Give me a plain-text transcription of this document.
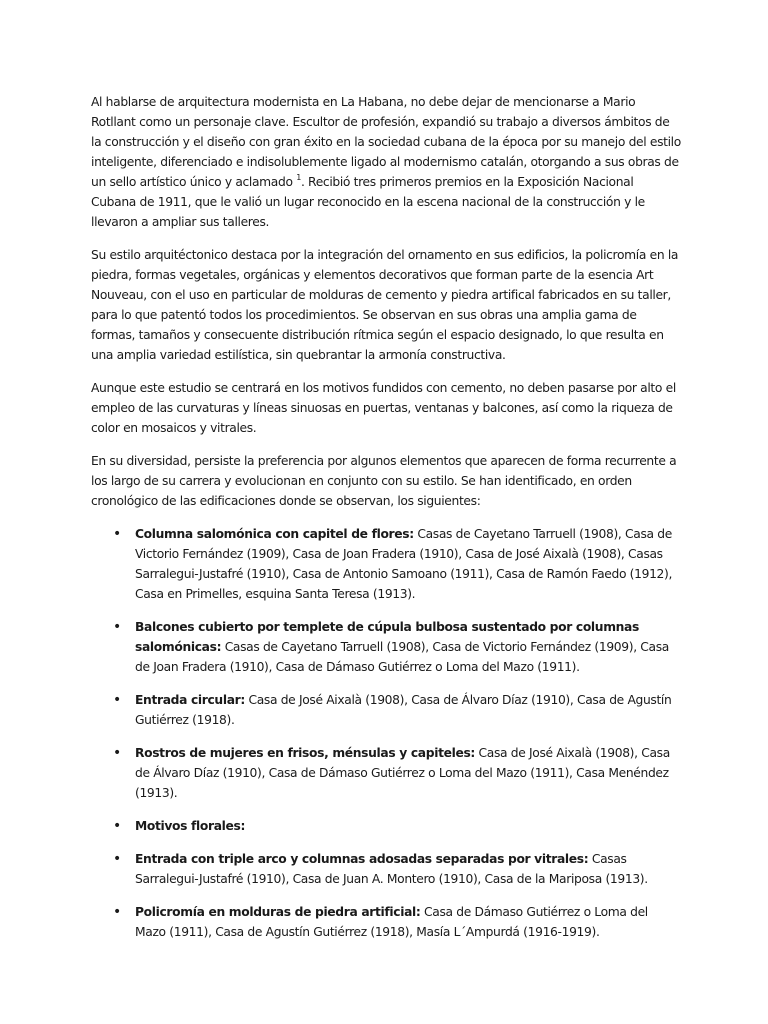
Al hablarse de arquitectura modernista en La Habana, no debe dejar de mencionarse a Mario Rotllant como un personaje clave. Escultor de profesión, expandió su trabajo a diversos ámbitos de la construcción y el diseño con gran éxito en la sociedad cubana de la época por su manejo del estilo inteligente, diferenciado e indisolublemente ligado al modernismo catalán, otorgando a sus obras de un sello artístico único y aclamado $^1$. Recibió tres primeros premios en la Exposición Nacional Cubana de 1911, que le valió un lugar reconocido en la escena nacional de la construcción y le llevaron a ampliar sus talleres.

Su estilo arquitéctonico destaca por la integración del ornamento en sus edificios, la policromía en la piedra, formas vegetales, orgánicas y elementos decorativos que forman parte de la esencia Art Nouveau, con el uso en particular de molduras de cemento y piedra artifical fabricados en su taller, para lo que patentó todos los procedimientos. Se observan en sus obras una amplia gama de formas, tamaños y consecuente distribución rítmica según el espacio designado, lo que resulta en una amplia variedad estilística, sin quebrantar la armonía constructiva.

Aunque este estudio se centrará en los motivos fundidos con cemento, no deben pasarse por alto el empleo de las curvaturas y líneas sinuosas en puertas, ventanas y balcones, así como la riqueza de color en mosaicos y vitrales.

En su diversidad, persiste la preferencia por algunos elementos que aparecen de forma recurrente a los largo de su carrera y evolucionan en conjunto con su estilo. Se han identificado, en orden cronológico de las edificaciones donde se observan, los siguientes:

•	Columna salomónica con capitel de flores: Casas de Cayetano Tarruell (1908), Casa de Victorio Fernández (1909), Casa de Joan Fradera (1910), Casa de José Aixalà (1908), Casas Sarralegui-Justafré (1910), Casa de Antonio Samoano (1911), Casa de Ramón Faedo (1912), Casa en Primelles, esquina Santa Teresa (1913).
•	Balcones cubierto por templete de cúpula bulbosa sustentado por columnas salomónicas: Casas de Cayetano Tarruell (1908), Casa de Victorio Fernández (1909), Casa de Joan Fradera (1910), Casa de Dámaso Gutiérrez o Loma del Mazo (1911).
•	Entrada circular: Casa de José Aixalà (1908), Casa de Álvaro Díaz (1910), Casa de Agustín Gutiérrez (1918).
•	Rostros de mujeres en frisos, ménsulas y capiteles: Casa de José Aixalà (1908), Casa de Álvaro Díaz (1910), Casa de Dámaso Gutiérrez o Loma del Mazo (1911), Casa Menéndez (1913).
•	Motivos florales:
•	Entrada con triple arco y columnas adosadas separadas por vitrales: Casas Sarralegui-Justafré (1910), Casa de Juan A. Montero (1910), Casa de la Mariposa (1913).
•	Policromía en molduras de piedra artificial: Casa de Dámaso Gutiérrez o Loma del Mazo (1911), Casa de Agustín Gutiérrez (1918), Masía L´Ampurdá (1916-1919).
